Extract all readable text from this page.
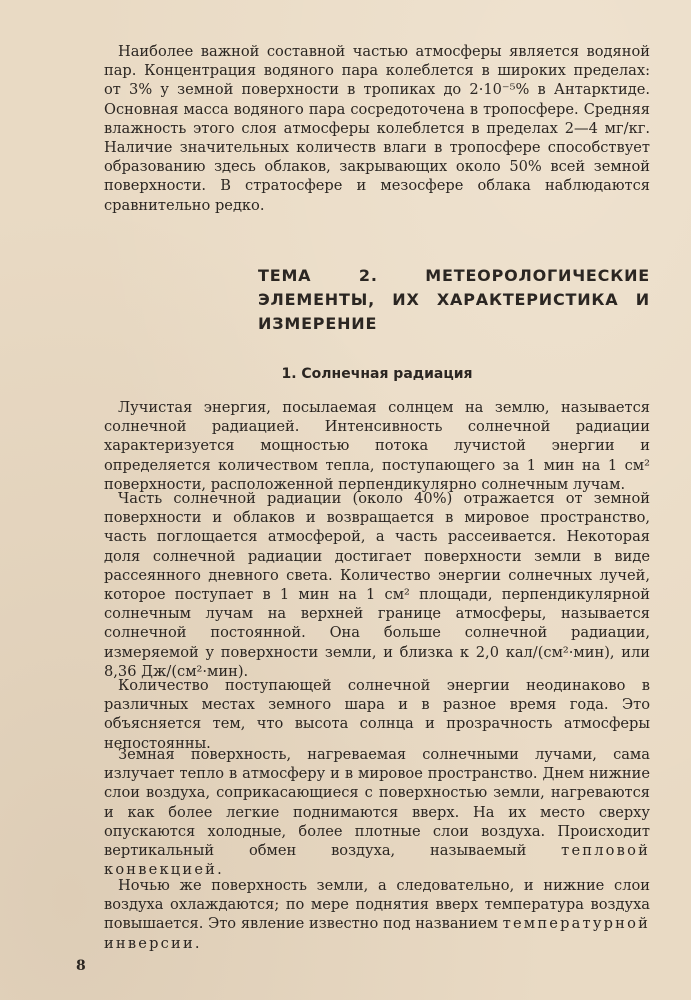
Наиболее важной составной частью атмосферы является водяной пар. Концентрация водяного пара колеблется в широких пределах: от 3% у земной поверхности в тропиках до 2·10⁻⁵% в Антарктиде. Основная масса водяного пара сосредоточена в тропосфере. Средняя влажность этого слоя атмосферы колеблется в пределах 2—4 мг/кг. Наличие значительных количеств влаги в тропосфере способствует образованию здесь облаков, закрывающих около 50% всей земной поверхности. В стратосфере и мезосфере облака наблюдаются сравнительно редко.

ТЕМА 2. МЕТЕОРОЛОГИЧЕСКИЕ ЭЛЕМЕНТЫ, ИХ ХАРАКТЕРИСТИКА И ИЗМЕРЕНИЕ
1. Солнечная радиация

Лучистая энергия, посылаемая солнцем на землю, называется солнечной радиацией. Интенсивность солнечной радиации характеризуется мощностью потока лучистой энергии и определяется количеством тепла, поступающего за 1 мин на 1 см² поверхности, расположенной перпендикулярно солнечным лучам.

Часть солнечной радиации (около 40%) отражается от земной поверхности и облаков и возвращается в мировое пространство, часть поглощается атмосферой, а часть рассеивается. Некоторая доля солнечной радиации достигает поверхности земли в виде рассеянного дневного света. Количество энергии солнечных лучей, которое поступает в 1 мин на 1 см² площади, перпендикулярной солнечным лучам на верхней границе атмосферы, называется солнечной постоянной. Она больше солнечной радиации, измеряемой у поверхности земли, и близка к 2,0 кал/(см²·мин), или 8,36 Дж/(см²·мин).

Количество поступающей солнечной энергии неодинаково в различных местах земного шара и в разное время года. Это объясняется тем, что высота солнца и прозрачность атмосферы непостоянны.

Земная поверхность, нагреваемая солнечными лучами, сама излучает тепло в атмосферу и в мировое пространство. Днем нижние слои воздуха, соприкасающиеся с поверхностью земли, нагреваются и как более легкие поднимаются вверх. На их место сверху опускаются холодные, более плотные слои воздуха. Происходит вертикальный обмен воздуха, называемый тепловой конвекцией.

Ночью же поверхность земли, а следовательно, и нижние слои воздуха охлаждаются; по мере поднятия вверх температура воздуха повышается. Это явление известно под названием температурной инверсии.

8
